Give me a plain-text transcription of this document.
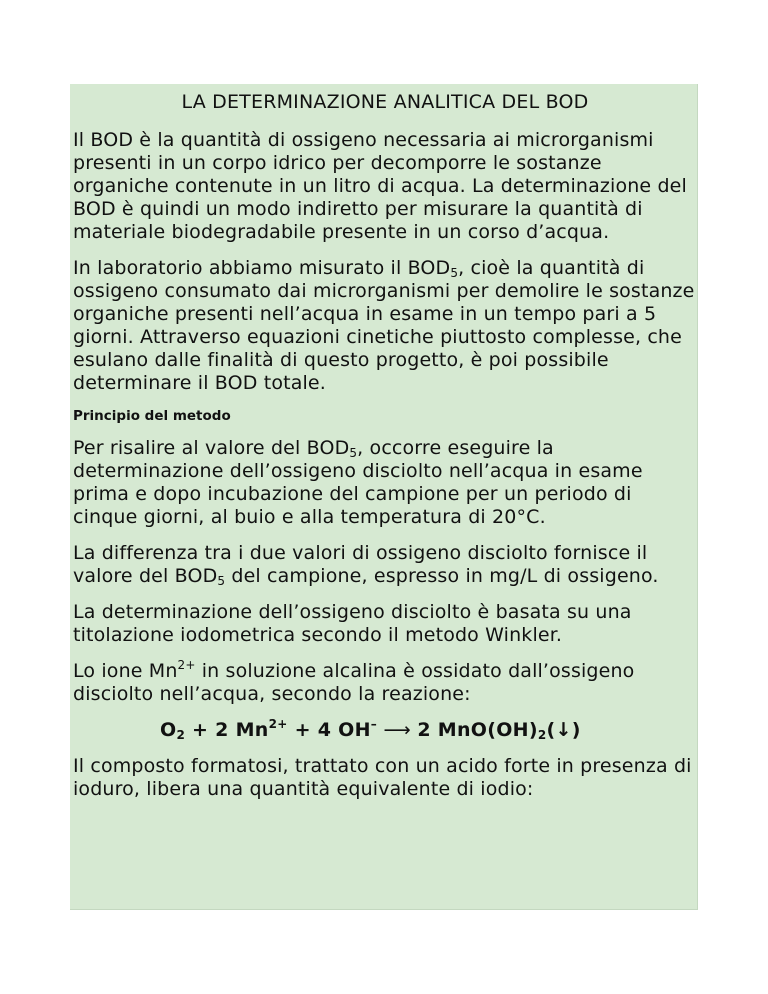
LA DETERMINAZIONE ANALITICA DEL BOD

Il BOD è la quantità di ossigeno necessaria ai microrganismi presenti in un corpo idrico per decomporre le sostanze organiche contenute in un litro di acqua. La determinazione del BOD è quindi un modo indiretto per misurare la quantità di materiale biodegradabile presente in un corso d’acqua.

In laboratorio abbiamo misurato il $BOD_5$, cioè la quantità di ossigeno consumato dai microrganismi per demolire le sostanze organiche presenti nell’acqua in esame in un tempo pari a 5 giorni. Attraverso equazioni cinetiche piuttosto complesse, che esulano dalle finalità di questo progetto, è poi possibile determinare il BOD totale.

Principio del metodo

Per risalire al valore del $BOD_5$, occorre eseguire la determinazione dell’ossigeno disciolto nell’acqua in esame prima e dopo incubazione del campione per un periodo di cinque giorni, al buio e alla temperatura di 20°C.

La differenza tra i due valori di ossigeno disciolto fornisce il valore del $BOD_5$ del campione, espresso in mg/L di ossigeno.

La determinazione dell’ossigeno disciolto è basata su una titolazione iodometrica secondo il metodo Winkler.

Lo ione $Mn^{2+}$ in soluzione alcalina è ossidato dall’ossigeno disciolto nell’acqua, secondo la reazione:

$O_2 + 2$ $Mn^{2+} + 4$ OH– ⟶ 2 $MnO(OH)_2(↓)$

Il composto formatosi, trattato con un acido forte in presenza di ioduro, libera una quantità equivalente di iodio:
